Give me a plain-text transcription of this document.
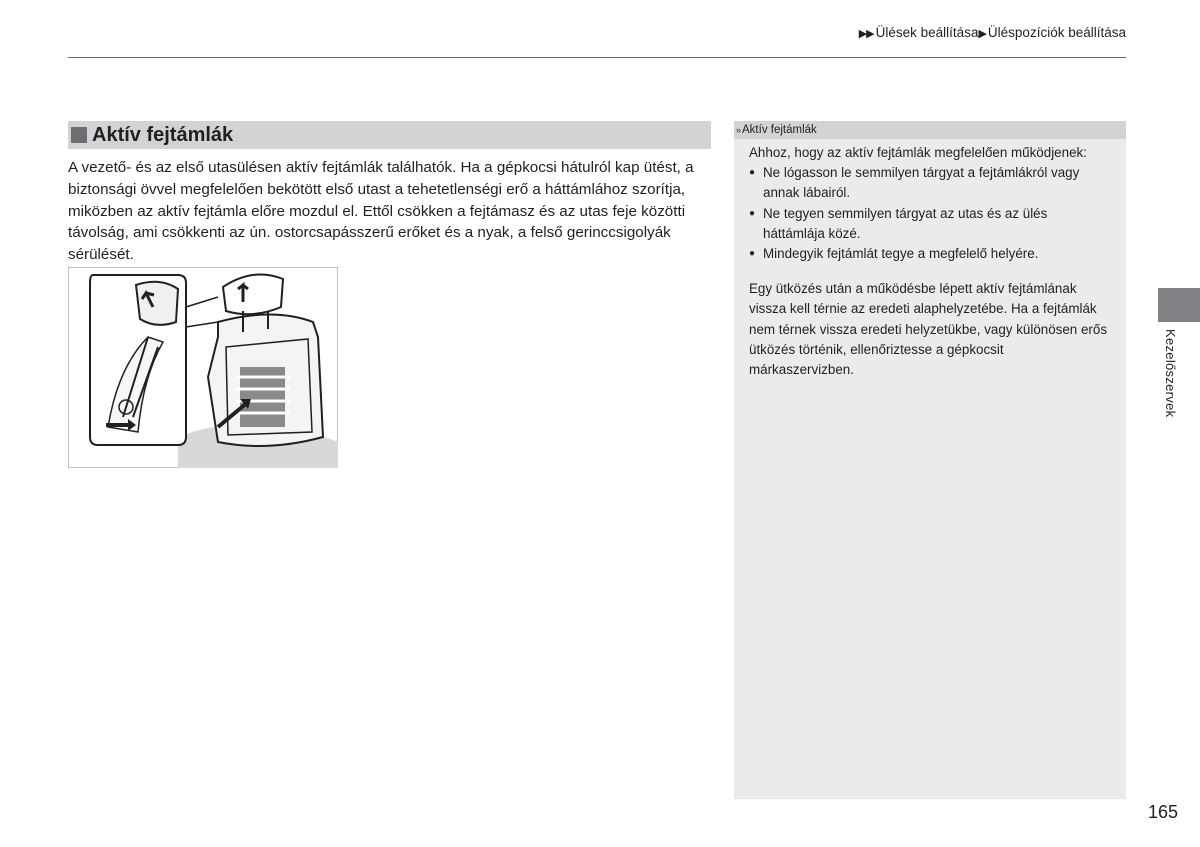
▶▶ Ülések beállítása▶ Üléspozíciók beállítása
Aktív fejtámlák
A vezető- és az első utasülésen aktív fejtámlák találhatók. Ha a gépkocsi hátulról kap ütést, a biztonsági övvel megfelelően bekötött első utast a tehetetlenségi erő a háttámlához szorítja, miközben az aktív fejtámla előre mozdul el. Ettől csökken a fejtámasz és az utas feje közötti távolság, ami csökkenti az ún. ostorcsapásszerű erőket és a nyak, a felső gerinccsigolyák sérülését.
» Aktív fejtámlák

Ahhoz, hogy az aktív fejtámlák megfelelően működjenek:

● Ne lógasson le semmilyen tárgyat a fejtámlákról vagy annak lábairól.
● Ne tegyen semmilyen tárgyat az utas és az ülés háttámlája közé.
● Mindegyik fejtámlát tegye a megfelelő helyére.

Egy ütközés után a működésbe lépett aktív fejtámlának vissza kell térnie az eredeti alaphelyzetébe. Ha a fejtámlák nem térnek vissza eredeti helyzetükbe, vagy különösen erős ütközés történik, ellenőriztesse a gépkocsit márkaszervizben.	Kezelőszervek
165
